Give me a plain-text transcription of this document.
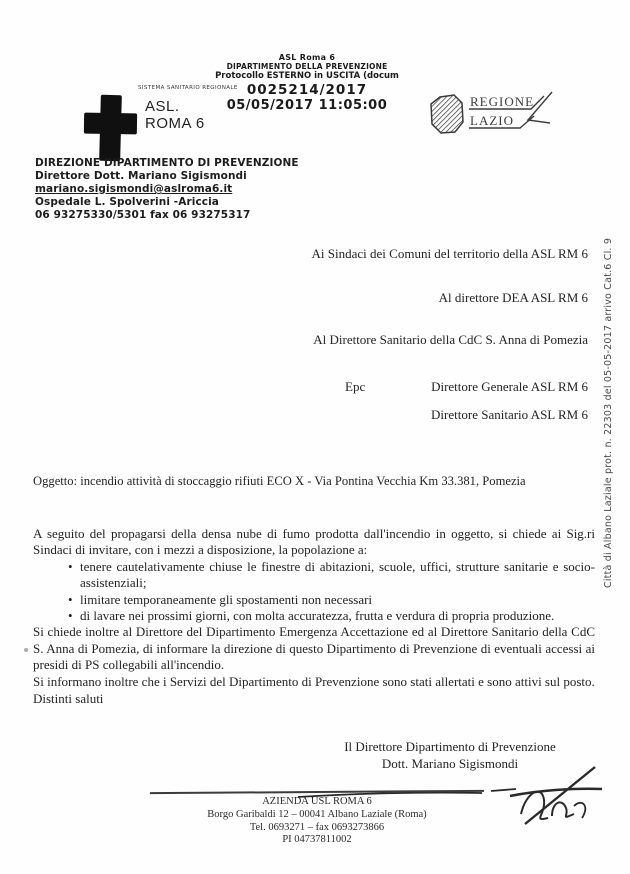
ASL Roma 6
DIPARTIMENTO DELLA PREVENZIONE
Protocollo ESTERNO in USCITA (docum
0025214/2017
05/05/2017 11:05:00
SISTEMA SANITARIO REGIONALE
ASL.
ROMA 6
REGIONE
LAZIO
DIREZIONE DIPARTIMENTO DI PREVENZIONE
Direttore Dott. Mariano Sigismondi
mariano.sigismondi@aslroma6.it
Ospedale L. Spolverini -Ariccia
06 93275330/5301 fax 06 93275317
Ai Sindaci dei Comuni del territorio della ASL RM 6
Al direttore DEA ASL RM 6
Al Direttore Sanitario della CdC S. Anna di Pomezia
Epc	Direttore Generale ASL RM 6
Direttore Sanitario ASL RM 6
Oggetto: incendio attività di stoccaggio rifiuti ECO X - Via Pontina Vecchia Km 33.381, Pomezia
A seguito del propagarsi della densa nube di fumo prodotta dall'incendio in oggetto, si chiede ai Sig.ri Sindaci di invitare, con i mezzi a disposizione, la popolazione a:
• tenere cautelativamente chiuse le finestre di abitazioni, scuole, uffici, strutture sanitarie e socio-assistenziali;
• limitare temporaneamente gli spostamenti non necessari
• di lavare nei prossimi giorni, con molta accuratezza, frutta e verdura di propria produzione.
Si chiede inoltre al Direttore del Dipartimento Emergenza Accettazione ed al Direttore Sanitario della CdC S. Anna di Pomezia, di informare la direzione di questo Dipartimento di Prevenzione di eventuali accessi ai presidi di PS collegabili all'incendio.
Si informano inoltre che i Servizi del Dipartimento di Prevenzione sono stati allertati e sono attivi sul posto.
Distinti saluti
Il Direttore Dipartimento di Prevenzione
Dott. Mariano Sigismondi
AZIENDA USL ROMA 6
Borgo Garibaldi 12 – 00041 Albano Laziale (Roma)
Tel. 0693271 – fax 0693273866
PI 04737811002
Città di Albano Laziale prot. n. 22303 del 05-05-2017 arrivo Cat.6 Cl. 9
